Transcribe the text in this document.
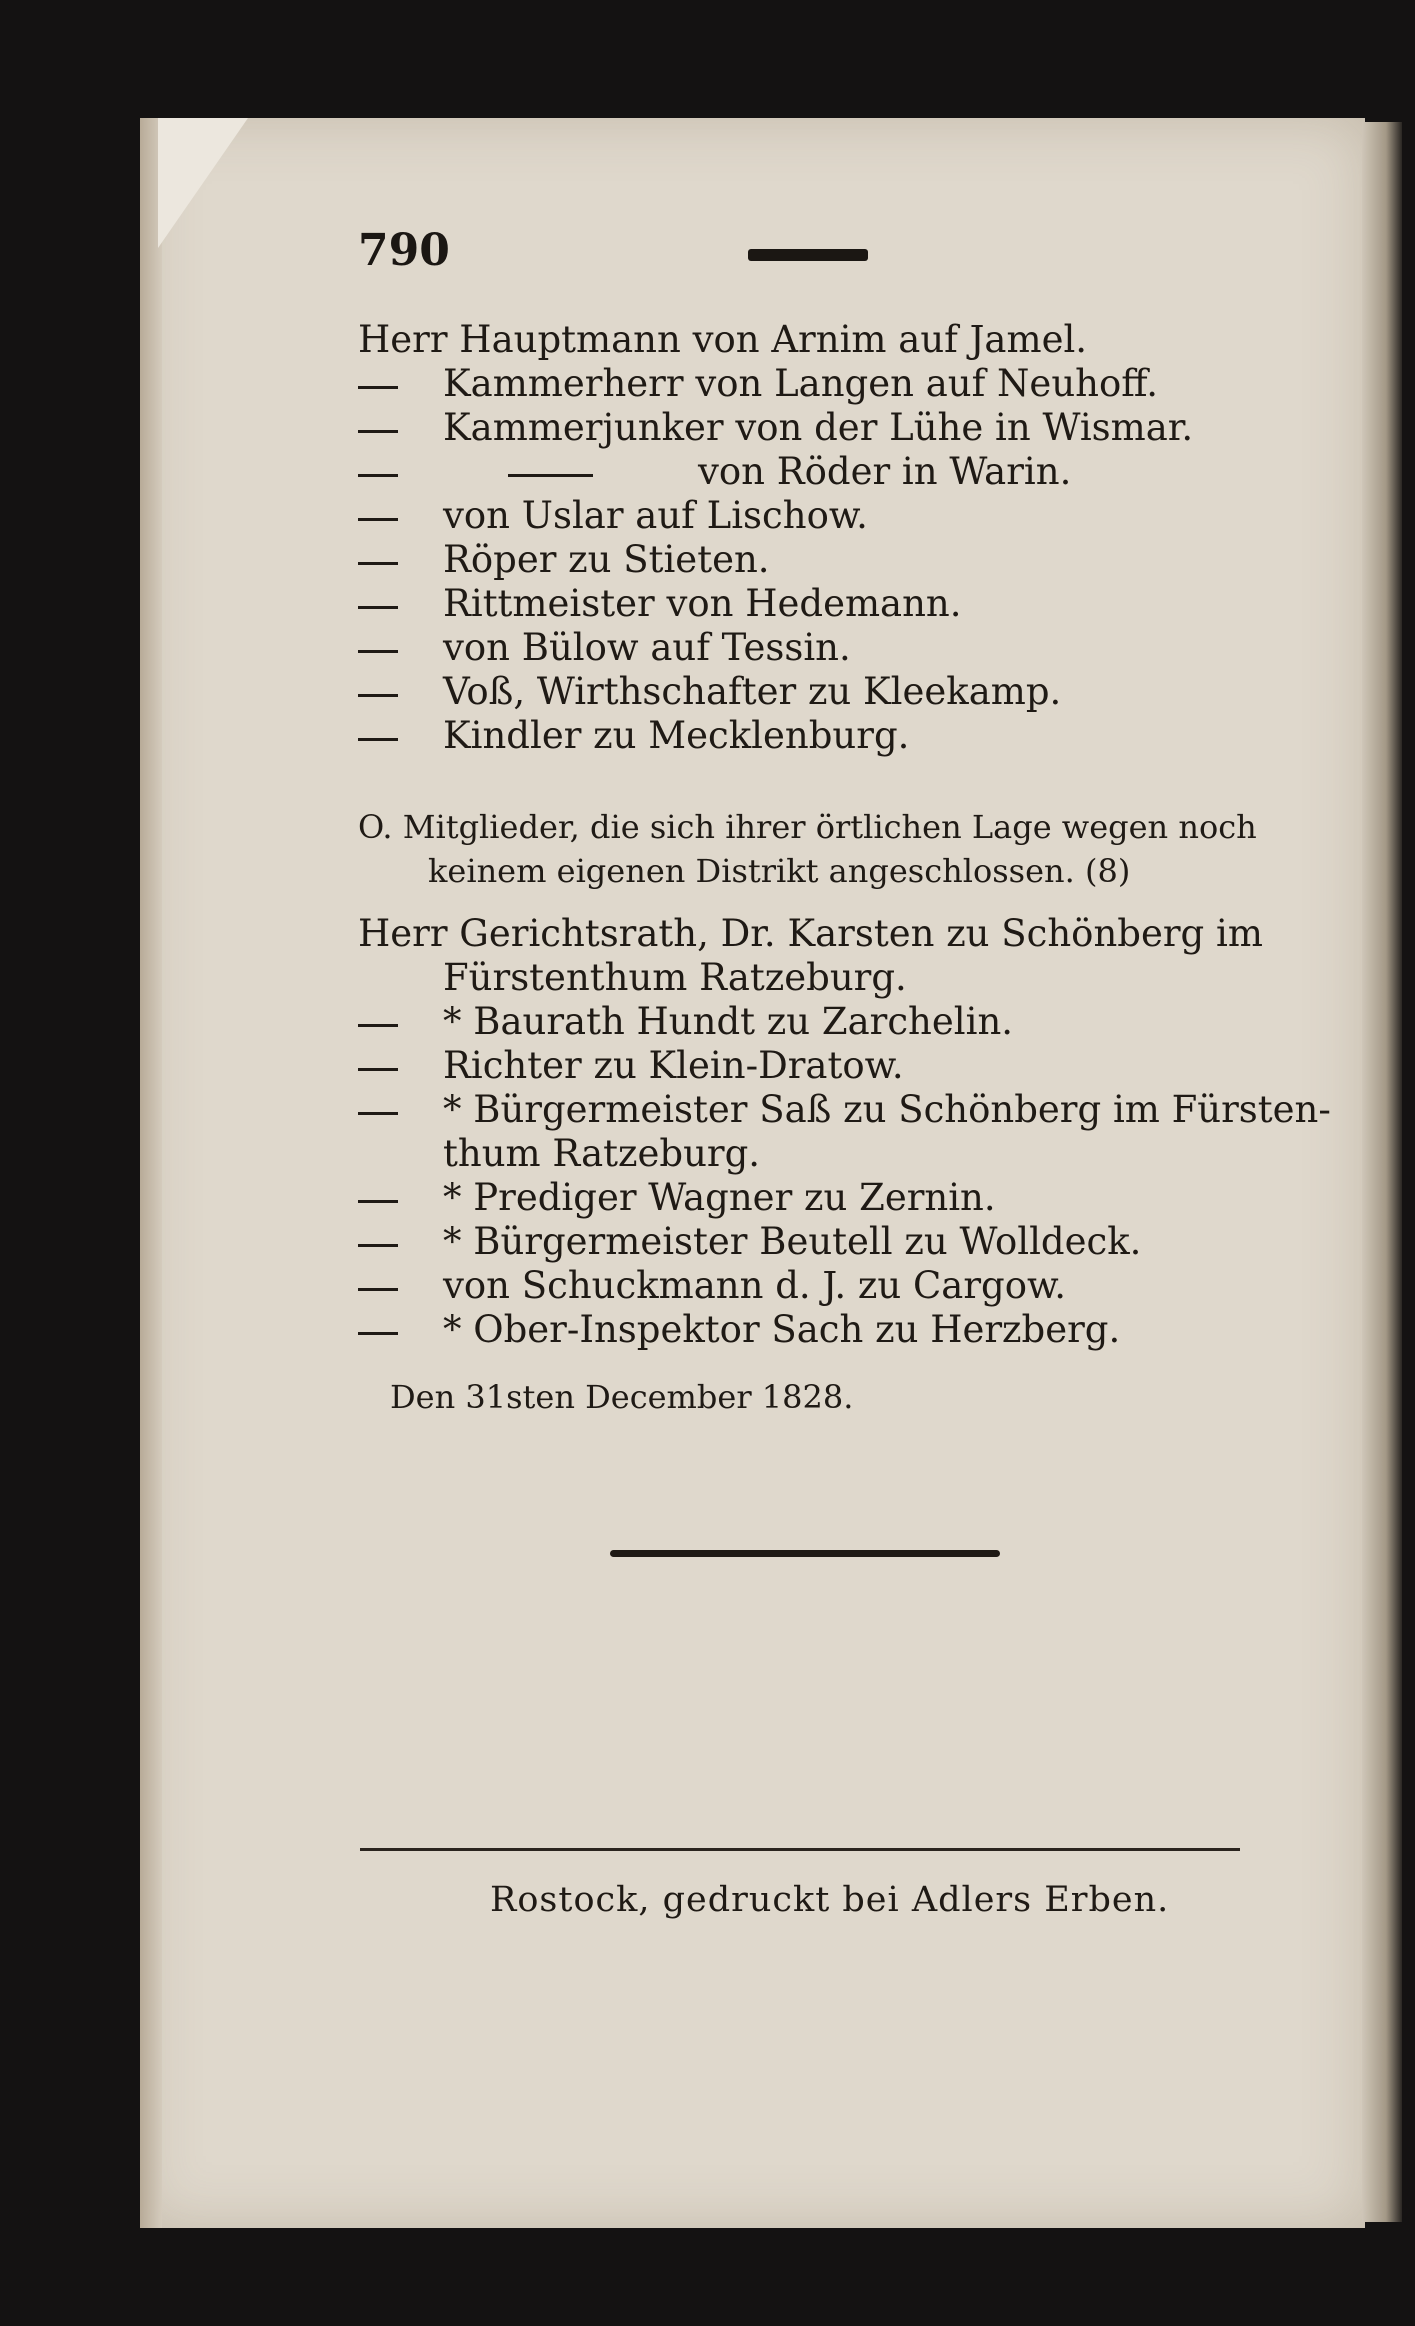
790
Herr Hauptmann von Arnim auf Jamel.
Kammerherr von Langen auf Neuhoff.
Kammerjunker von der Lühe in Wismar.
von Röder in Warin.
von Uslar auf Lischow.
Röper zu Stieten.
Rittmeister von Hedemann.
von Bülow auf Tessin.
Voß, Wirthschafter zu Kleekamp.
Kindler zu Mecklenburg.
O. Mitglieder, die sich ihrer örtlichen Lage wegen noch
keinem eigenen Distrikt angeschlossen. (8)
Herr Gerichtsrath, Dr. Karsten zu Schönberg im
Fürstenthum Ratzeburg.
* Baurath Hundt zu Zarchelin.
Richter zu Klein-Dratow.
* Bürgermeister Saß zu Schönberg im Fürsten-
thum Ratzeburg.
* Prediger Wagner zu Zernin.
* Bürgermeister Beutell zu Wolldeck.
von Schuckmann d. J. zu Cargow.
* Ober-Inspektor Sach zu Herzberg.
Den 31sten December 1828.
Rostock, gedruckt bei Adlers Erben.
